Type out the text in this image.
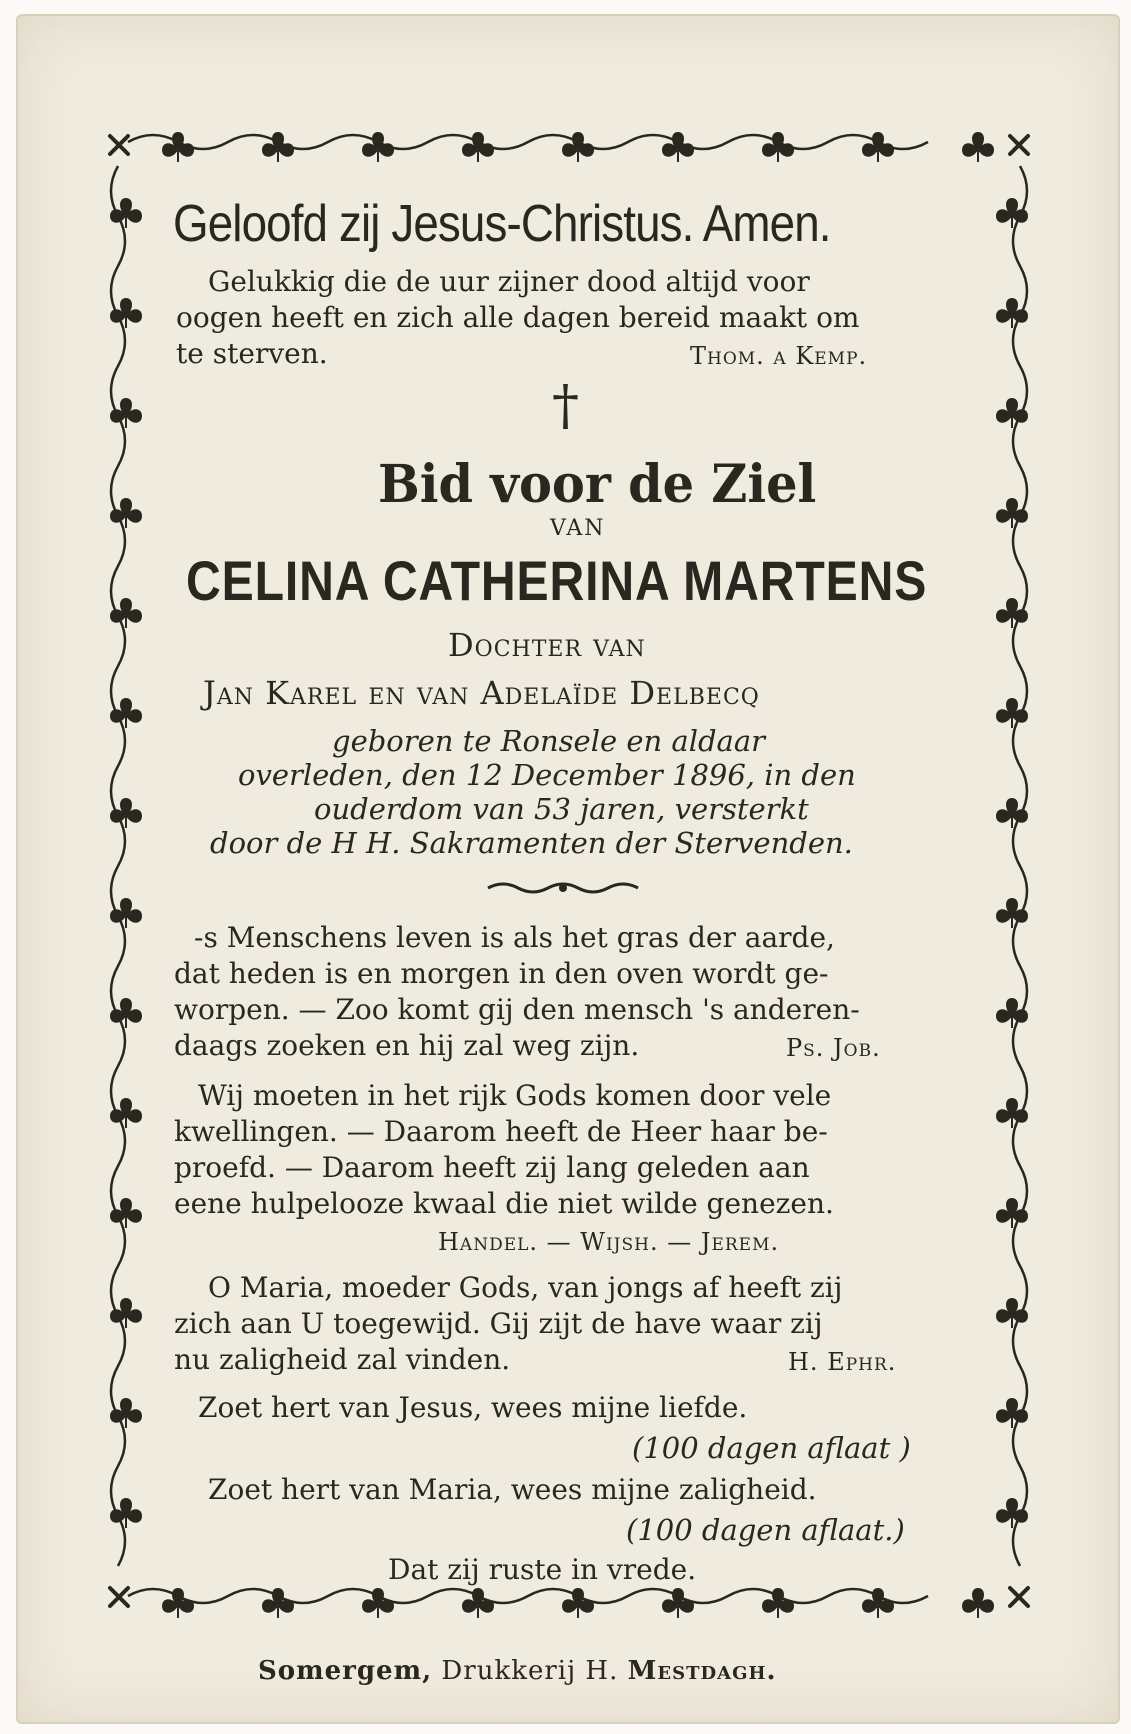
Geloofd zij Jesus-Christus. Amen.
Gelukkig die de uur zijner dood altijd voor
oogen heeft en zich alle dagen bereid maakt om
te sterven.	Thom. a Kemp.
†
Bid voor de Ziel
VAN
CELINA CATHERINA MARTENS
Dochter van
Jan Karel en van Adelaïde Delbecq
geboren te Ronsele en aldaar
overleden, den 12 December 1896, in den
ouderdom van 53 jaren, versterkt
door de H H. Sakramenten der Stervenden.
-s Menschens leven is als het gras der aarde,
dat heden is en morgen in den oven wordt ge-
worpen. — Zoo komt gij den mensch 's anderen-
daags zoeken en hij zal weg zijn.	Ps. Job.
Wij moeten in het rijk Gods komen door vele
kwellingen. — Daarom heeft de Heer haar be-
proefd. — Daarom heeft zij lang geleden aan
eene hulpelooze kwaal die niet wilde genezen.
Handel. — Wijsh. — Jerem.
O Maria, moeder Gods, van jongs af heeft zij
zich aan U toegewijd. Gij zijt de have waar zij
nu zaligheid zal vinden.	H. Ephr.
Zoet hert van Jesus, wees mijne liefde.
(100 dagen aflaat )
Zoet hert van Maria, wees mijne zaligheid.
(100 dagen aflaat.)
Dat zij ruste in vrede.
Somergem, Drukkerij H. Mestdagh.
